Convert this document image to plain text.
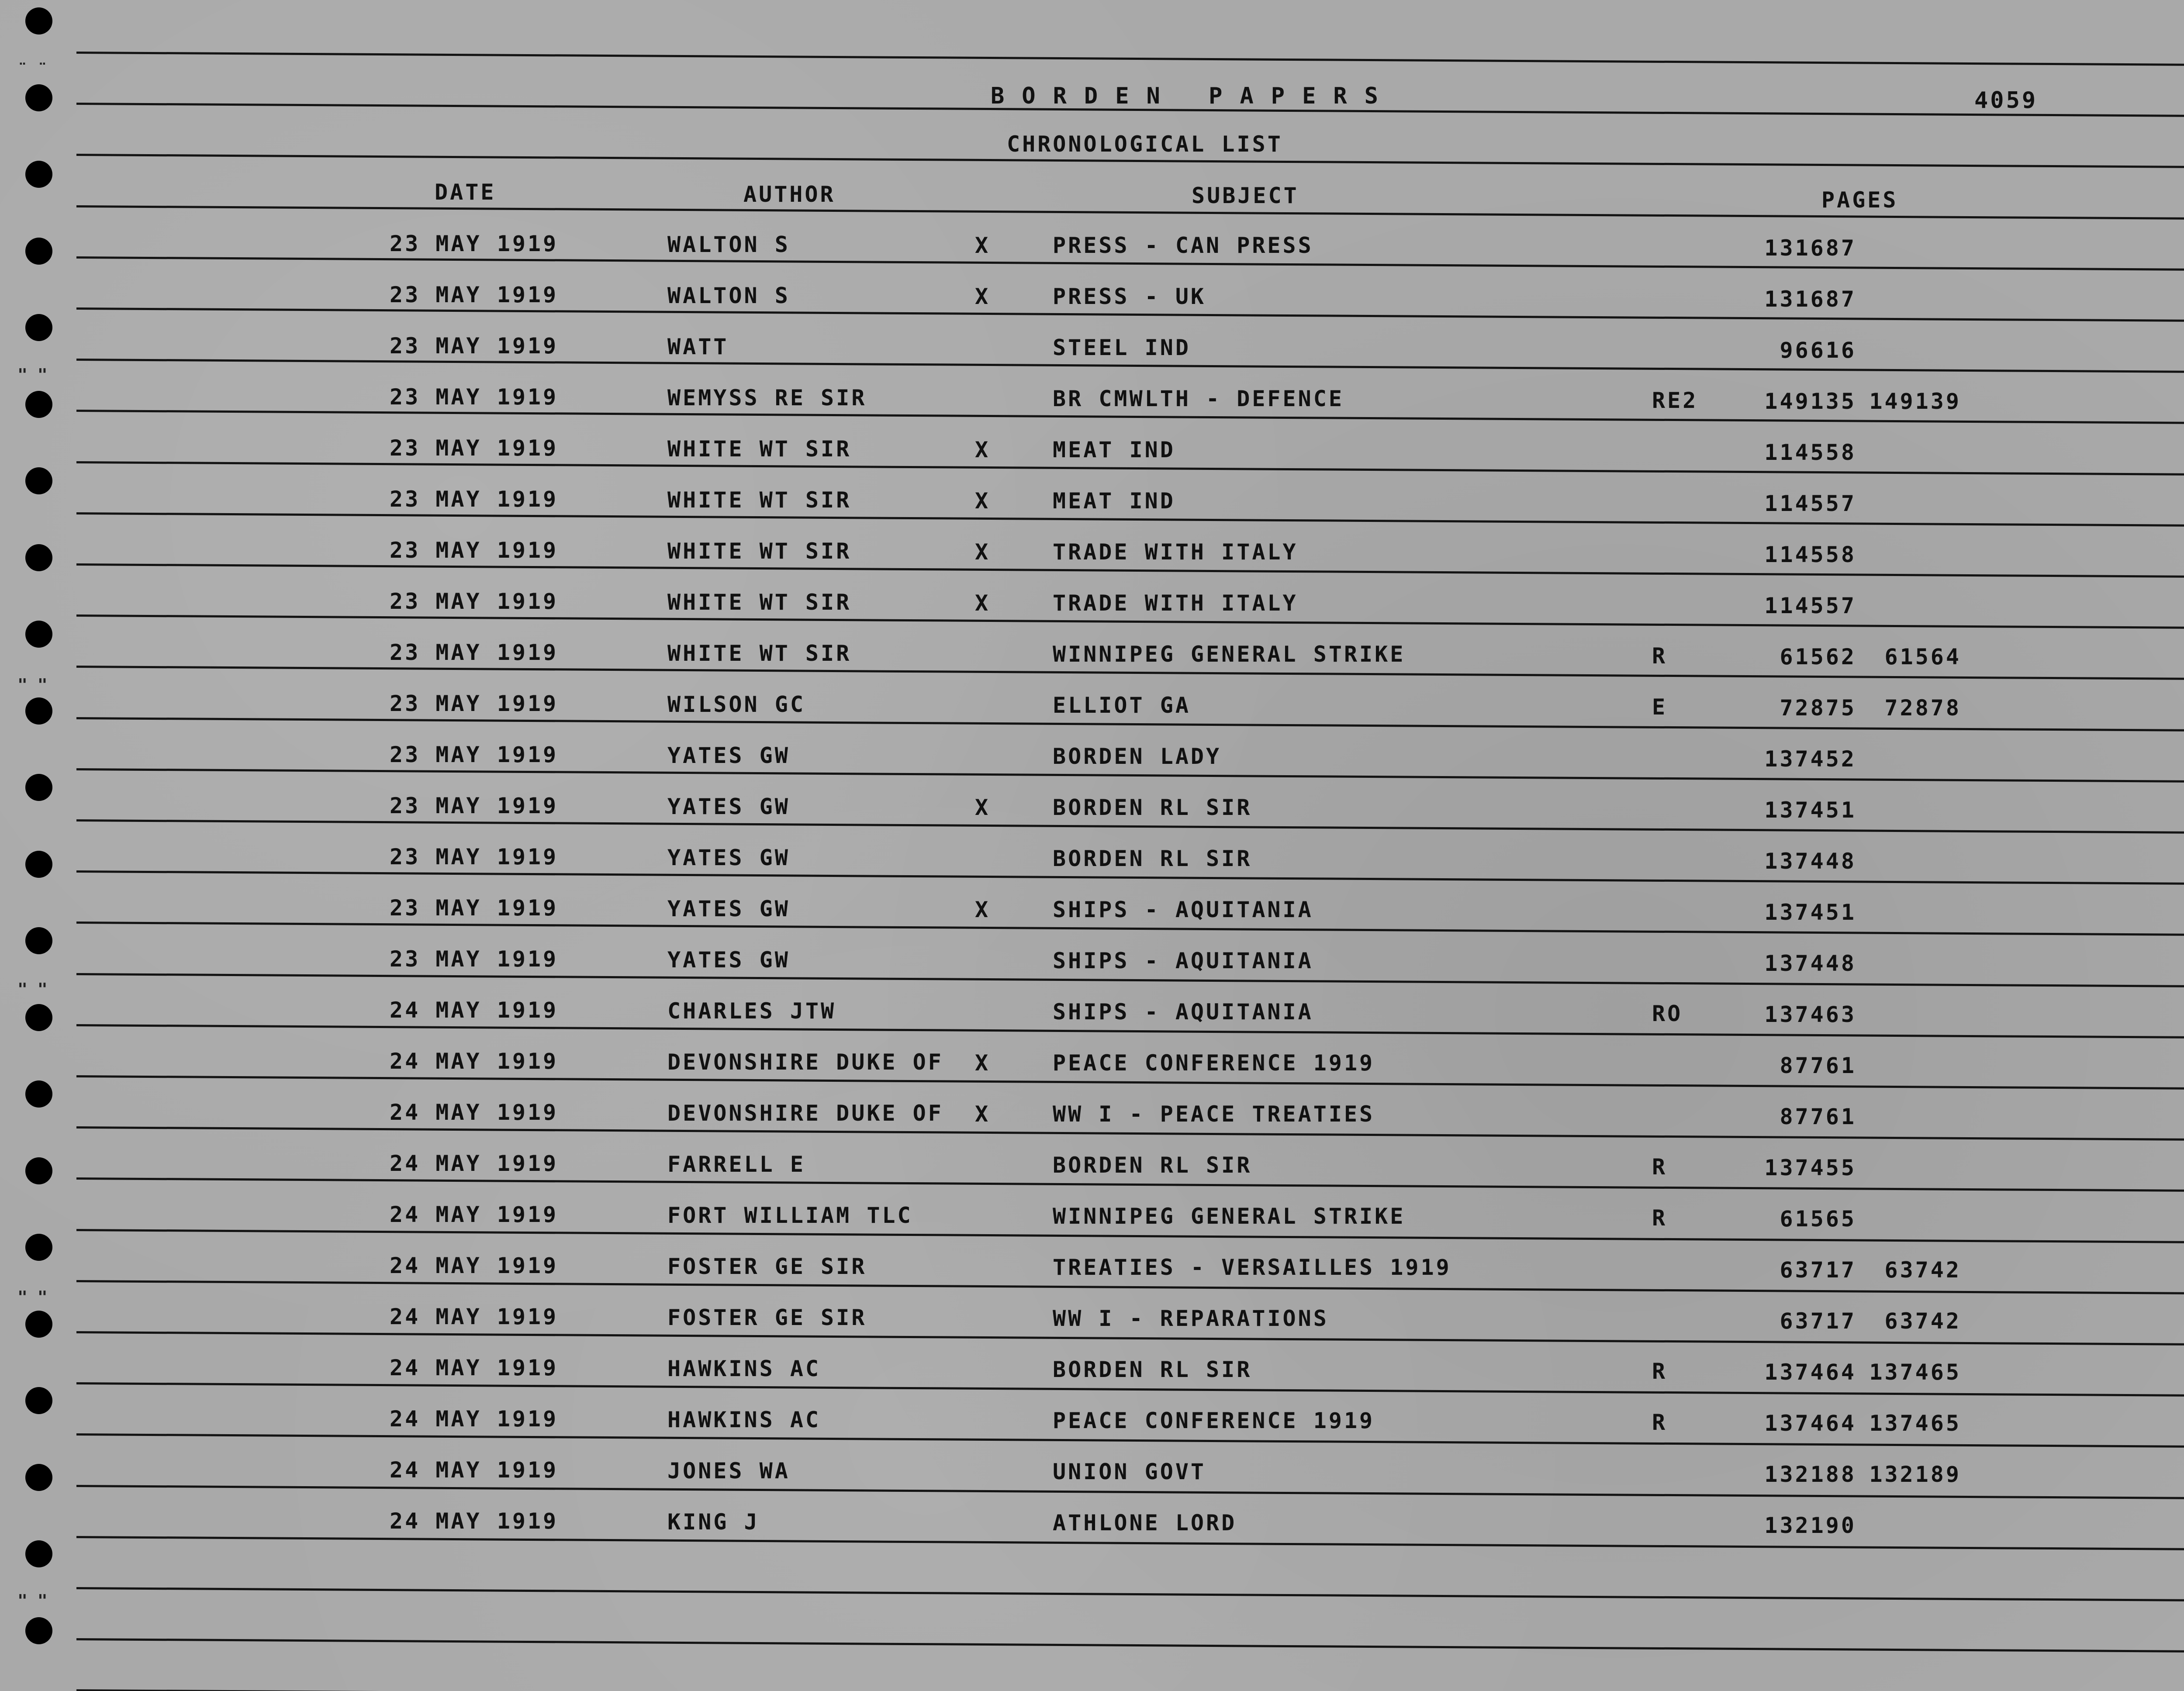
BORDEN PAPERS	4059
CHRONOLOGICAL LIST
DATE	AUTHOR	SUBJECT	PAGES
23 MAY 1919	WALTON S	X	PRESS - CAN PRESS	131687
23 MAY 1919	WALTON S	X	PRESS - UK	131687
23 MAY 1919	WATT	STEEL IND	96616
23 MAY 1919	WEMYSS RE SIR	BR CMWLTH - DEFENCE	RE2	149135 149139
23 MAY 1919	WHITE WT SIR	X	MEAT IND	114558
23 MAY 1919	WHITE WT SIR	X	MEAT IND	114557
23 MAY 1919	WHITE WT SIR	X	TRADE WITH ITALY	114558
23 MAY 1919	WHITE WT SIR	X	TRADE WITH ITALY	114557
23 MAY 1919	WHITE WT SIR	WINNIPEG GENERAL STRIKE	R	61562	61564
23 MAY 1919	WILSON GC	ELLIOT GA	E	72875	72878
23 MAY 1919	YATES GW	BORDEN LADY	137452
23 MAY 1919	YATES GW	X	BORDEN RL SIR	137451
23 MAY 1919	YATES GW	BORDEN RL SIR	137448
23 MAY 1919	YATES GW	X	SHIPS - AQUITANIA	137451
23 MAY 1919	YATES GW	SHIPS - AQUITANIA	137448
24 MAY 1919	CHARLES JTW	SHIPS - AQUITANIA	RO	137463
24 MAY 1919	DEVONSHIRE DUKE OF X	PEACE CONFERENCE 1919	87761
24 MAY 1919	DEVONSHIRE DUKE OF X	WW I - PEACE TREATIES	87761
24 MAY 1919	FARRELL E	BORDEN RL SIR	R	137455
24 MAY 1919	FORT WILLIAM TLC	WINNIPEG GENERAL STRIKE	R	61565
24 MAY 1919	FOSTER GE SIR	TREATIES - VERSAILLES 1919	63717	63742
24 MAY 1919	FOSTER GE SIR	WW I - REPARATIONS	63717	63742
24 MAY 1919	HAWKINS AC	BORDEN RL SIR	R	137464 137465
24 MAY 1919	HAWKINS AC	PEACE CONFERENCE 1919	R	137464 137465
24 MAY 1919	JONES WA	UNION GOVT	132188 132189
24 MAY 1919	KING J	ATHLONE LORD	132190
¨ ¨
" "
" "
" "
" "
" "
